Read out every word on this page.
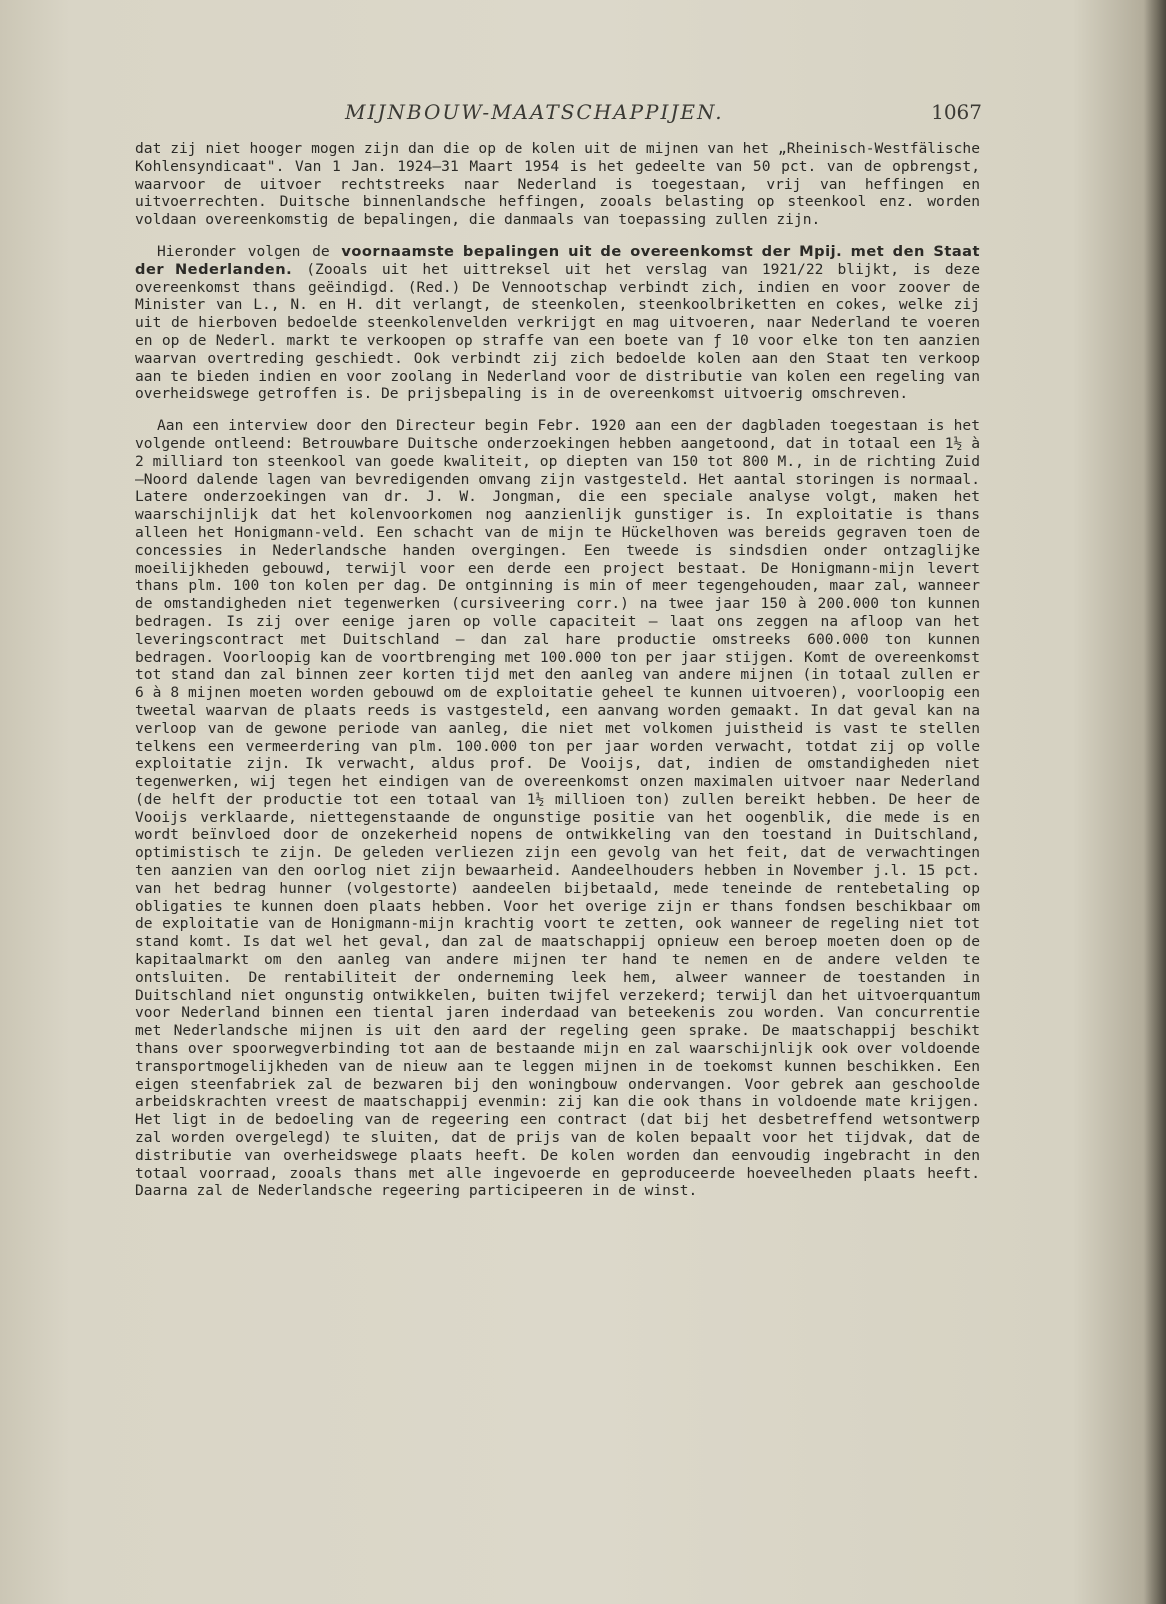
MIJNBOUW-MAATSCHAPPIJEN.	1067

dat zij niet hooger mogen zijn dan die op de kolen uit de mijnen van het „Rheinisch-Westfälische Kohlensyndicaat". Van 1 Jan. 1924—31 Maart 1954 is het gedeelte van 50 pct. van de opbrengst, waarvoor de uitvoer rechtstreeks naar Nederland is toegestaan, vrij van heffingen en uitvoerrechten. Duitsche binnenlandsche heffingen, zooals belasting op steenkool enz. worden voldaan overeenkomstig de bepalingen, die danmaals van toepassing zullen zijn.

Hieronder volgen de voornaamste bepalingen uit de overeenkomst der Mpij. met den Staat der Nederlanden. (Zooals uit het uittreksel uit het verslag van 1921/22 blijkt, is deze overeenkomst thans geëindigd. (Red.) De Vennootschap verbindt zich, indien en voor zoover de Minister van L., N. en H. dit verlangt, de steenkolen, steenkoolbriketten en cokes, welke zij uit de hierboven bedoelde steenkolenvelden verkrijgt en mag uitvoeren, naar Nederland te voeren en op de Nederl. markt te verkoopen op straffe van een boete van ƒ 10 voor elke ton ten aanzien waarvan overtreding geschiedt. Ook verbindt zij zich bedoelde kolen aan den Staat ten verkoop aan te bieden indien en voor zoolang in Nederland voor de distributie van kolen een regeling van overheidswege getroffen is. De prijsbepaling is in de overeenkomst uitvoerig omschreven.

Aan een interview door den Directeur begin Febr. 1920 aan een der dagbladen toegestaan is het volgende ontleend: Betrouwbare Duitsche onderzoekingen hebben aangetoond, dat in totaal een 1½ à 2 milliard ton steenkool van goede kwaliteit, op diepten van 150 tot 800 M., in de richting Zuid—Noord dalende lagen van bevredigenden omvang zijn vastgesteld. Het aantal storingen is normaal. Latere onderzoekingen van dr. J. W. Jongman, die een speciale analyse volgt, maken het waarschijnlijk dat het kolenvoorkomen nog aanzienlijk gunstiger is. In exploitatie is thans alleen het Honigmann-veld. Een schacht van de mijn te Hückelhoven was bereids gegraven toen de concessies in Nederlandsche handen overgingen. Een tweede is sindsdien onder ontzaglijke moeilijkheden gebouwd, terwijl voor een derde een project bestaat. De Honigmann-mijn levert thans plm. 100 ton kolen per dag. De ontginning is min of meer tegengehouden, maar zal, wanneer de omstandigheden niet tegenwerken (cursiveering corr.) na twee jaar 150 à 200.000 ton kunnen bedragen. Is zij over eenige jaren op volle capaciteit — laat ons zeggen na afloop van het leveringscontract met Duitschland — dan zal hare productie omstreeks 600.000 ton kunnen bedragen. Voorloopig kan de voortbrenging met 100.000 ton per jaar stijgen. Komt de overeenkomst tot stand dan zal binnen zeer korten tijd met den aanleg van andere mijnen (in totaal zullen er 6 à 8 mijnen moeten worden gebouwd om de exploitatie geheel te kunnen uitvoeren), voorloopig een tweetal waarvan de plaats reeds is vastgesteld, een aanvang worden gemaakt. In dat geval kan na verloop van de gewone periode van aanleg, die niet met volkomen juistheid is vast te stellen telkens een vermeerdering van plm. 100.000 ton per jaar worden verwacht, totdat zij op volle exploitatie zijn. Ik verwacht, aldus prof. De Vooijs, dat, indien de omstandigheden niet tegenwerken, wij tegen het eindigen van de overeenkomst onzen maximalen uitvoer naar Nederland (de helft der productie tot een totaal van 1½ millioen ton) zullen bereikt hebben. De heer de Vooijs verklaarde, niettegenstaande de ongunstige positie van het oogenblik, die mede is en wordt beïnvloed door de onzekerheid nopens de ontwikkeling van den toestand in Duitschland, optimistisch te zijn. De geleden verliezen zijn een gevolg van het feit, dat de verwachtingen ten aanzien van den oorlog niet zijn bewaarheid. Aandeelhouders hebben in November j.l. 15 pct. van het bedrag hunner (volgestorte) aandeelen bijbetaald, mede teneinde de rentebetaling op obligaties te kunnen doen plaats hebben. Voor het overige zijn er thans fondsen beschikbaar om de exploitatie van de Honigmann-mijn krachtig voort te zetten, ook wanneer de regeling niet tot stand komt. Is dat wel het geval, dan zal de maatschappij opnieuw een beroep moeten doen op de kapitaalmarkt om den aanleg van andere mijnen ter hand te nemen en de andere velden te ontsluiten. De rentabiliteit der onderneming leek hem, alweer wanneer de toestanden in Duitschland niet ongunstig ontwikkelen, buiten twijfel verzekerd; terwijl dan het uitvoerquantum voor Nederland binnen een tiental jaren inderdaad van beteekenis zou worden. Van concurrentie met Nederlandsche mijnen is uit den aard der regeling geen sprake. De maatschappij beschikt thans over spoorwegverbinding tot aan de bestaande mijn en zal waarschijnlijk ook over voldoende transportmogelijkheden van de nieuw aan te leggen mijnen in de toekomst kunnen beschikken. Een eigen steenfabriek zal de bezwaren bij den woningbouw ondervangen. Voor gebrek aan geschoolde arbeidskrachten vreest de maatschappij evenmin: zij kan die ook thans in voldoende mate krijgen. Het ligt in de bedoeling van de regeering een contract (dat bij het desbetreffend wetsontwerp zal worden overgelegd) te sluiten, dat de prijs van de kolen bepaalt voor het tijdvak, dat de distributie van overheidswege plaats heeft. De kolen worden dan eenvoudig ingebracht in den totaal voorraad, zooals thans met alle ingevoerde en geproduceerde hoeveelheden plaats heeft. Daarna zal de Nederlandsche regeering participeeren in de winst.
